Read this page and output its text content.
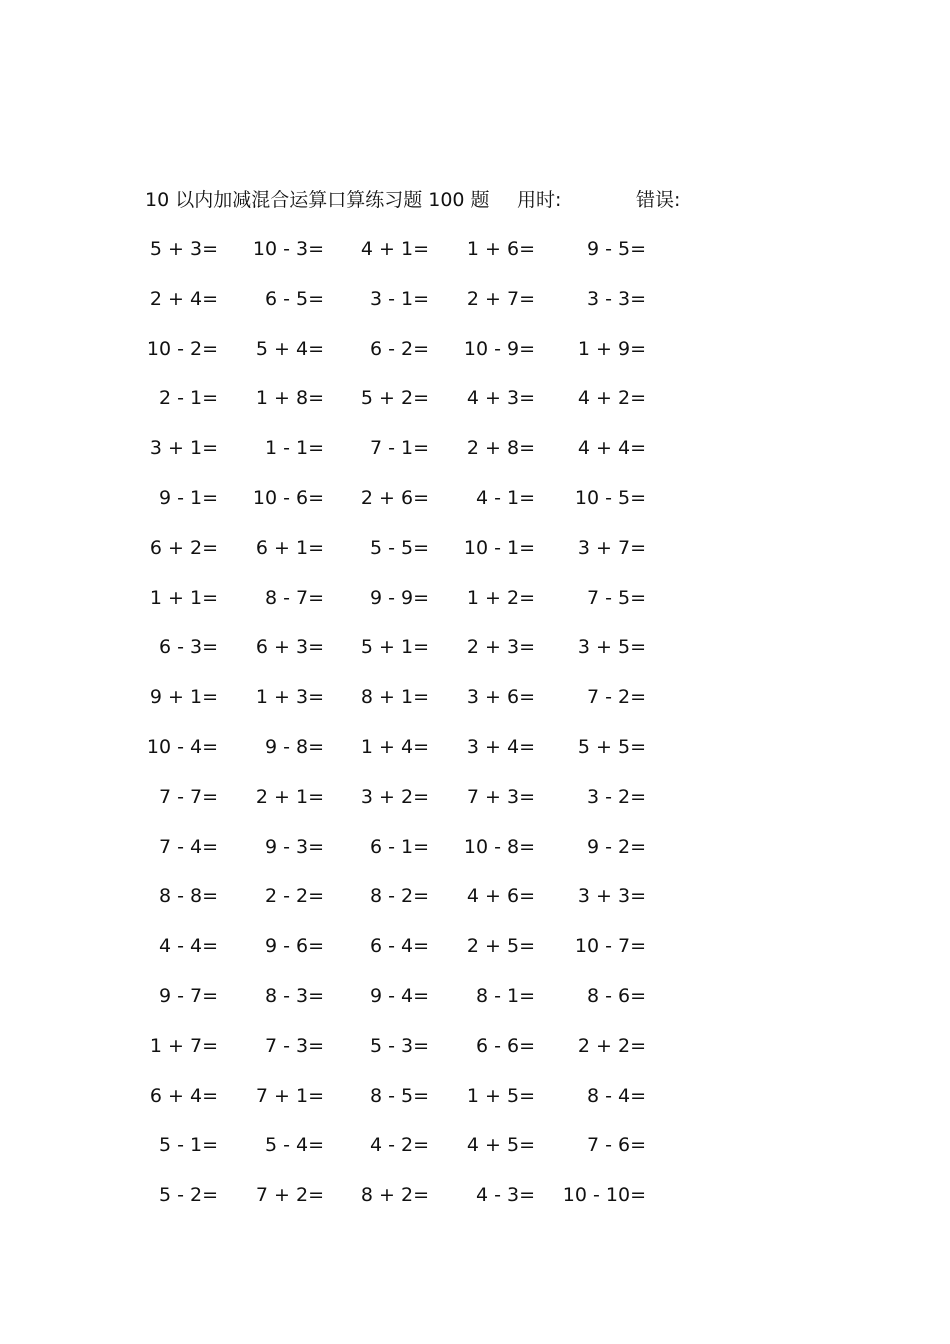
10 以内加减混合运算口算练习题 100 题 用时:	错误:
5 + 3=	10 - 3=	4 + 1=	1 + 6=	9 - 5=
2 + 4=	6 - 5=	3 - 1=	2 + 7=	3 - 3=
10 - 2=	5 + 4=	6 - 2=	10 - 9=	1 + 9=
2 - 1=	1 + 8=	5 + 2=	4 + 3=	4 + 2=
3 + 1=	1 - 1=	7 - 1=	2 + 8=	4 + 4=
9 - 1=	10 - 6=	2 + 6=	4 - 1=	10 - 5=
6 + 2=	6 + 1=	5 - 5=	10 - 1=	3 + 7=
1 + 1=	8 - 7=	9 - 9=	1 + 2=	7 - 5=
6 - 3=	6 + 3=	5 + 1=	2 + 3=	3 + 5=
9 + 1=	1 + 3=	8 + 1=	3 + 6=	7 - 2=
10 - 4=	9 - 8=	1 + 4=	3 + 4=	5 + 5=
7 - 7=	2 + 1=	3 + 2=	7 + 3=	3 - 2=
7 - 4=	9 - 3=	6 - 1=	10 - 8=	9 - 2=
8 - 8=	2 - 2=	8 - 2=	4 + 6=	3 + 3=
4 - 4=	9 - 6=	6 - 4=	2 + 5=	10 - 7=
9 - 7=	8 - 3=	9 - 4=	8 - 1=	8 - 6=
1 + 7=	7 - 3=	5 - 3=	6 - 6=	2 + 2=
6 + 4=	7 + 1=	8 - 5=	1 + 5=	8 - 4=
5 - 1=	5 - 4=	4 - 2=	4 + 5=	7 - 6=
5 - 2=	7 + 2=	8 + 2=	4 - 3=	10 - 10=
